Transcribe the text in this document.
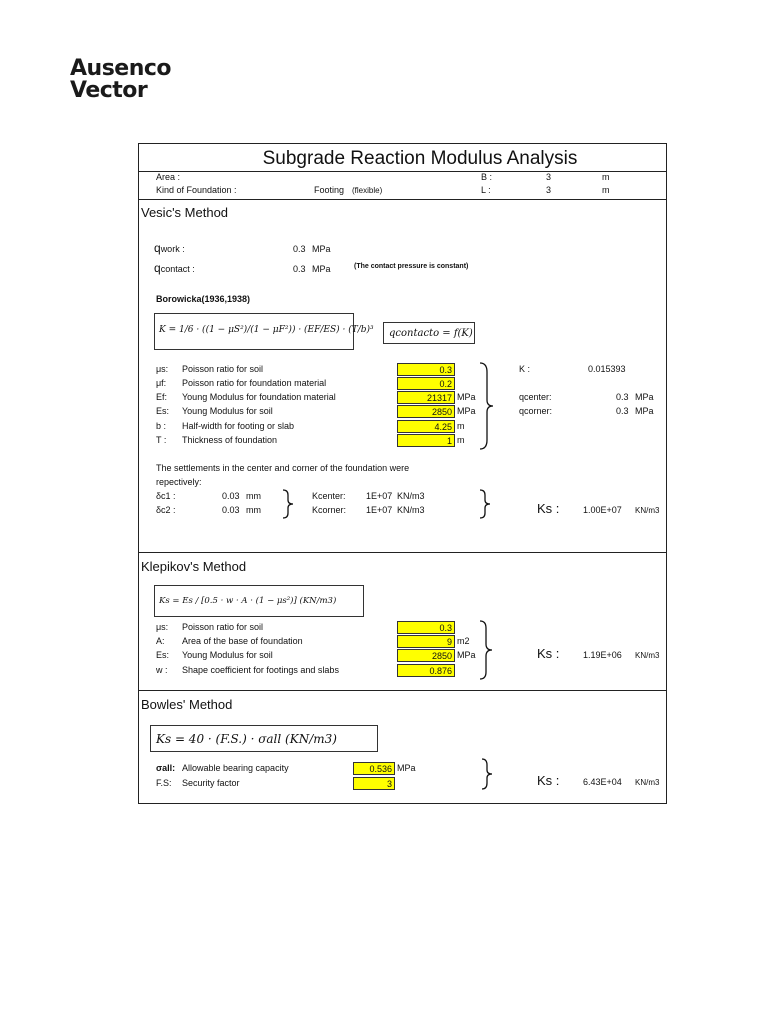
Ausenco
Vector
Subgrade Reaction Modulus Analysis
Area :
Kind of Foundation :	Footing (flexible)
B :	3	m
L :	3	m
Vesic's Method
qwork :	0.3 MPa
qcontact :	0.3 MPa	(The contact pressure is constant)
Borowicka(1936,1938)
K = 1/6 · ((1 − μS²)/(1 − μF²)) · (EF/ES) · (T/b)³ qcontacto = f(K)
μs: Poisson ratio for soil	0.3
μf: Poisson ratio for foundation material	0.2
Ef: Young Modulus for foundation material	21317 MPa
Es: Young Modulus for soil	2850 MPa
b : Half-width for footing or slab	4.25 m
T : Thickness of foundation	1 m
K :	0.015393
qcenter:	0.3 MPa
qcorner:	0.3 MPa
The settlements in the center and corner of the foundation were
repectively:
δc1 :	0.03 mm
δc2 :	0.03 mm
Kcenter: 1E+07 KN/m3
Kcorner: 1E+07 KN/m3	Ks :	1.00E+07 KN/m3
Klepikov's Method
Ks = Es / [0.5 · w · A · (1 − μs²)] (KN/m3)
μs: Poisson ratio for soil	0.3
A: Area of the base of foundation	9 m2
Es: Young Modulus for soil	2850 MPa
w : Shape coefficient for footings and slabs	0.876
Ks :	1.19E+06 KN/m3
Bowles' Method
Ks = 40 · (F.S.) · σall (KN/m3)
σall: Allowable bearing capacity	0.536 MPa
F.S: Security factor	3	Ks :	6.43E+04 KN/m3
